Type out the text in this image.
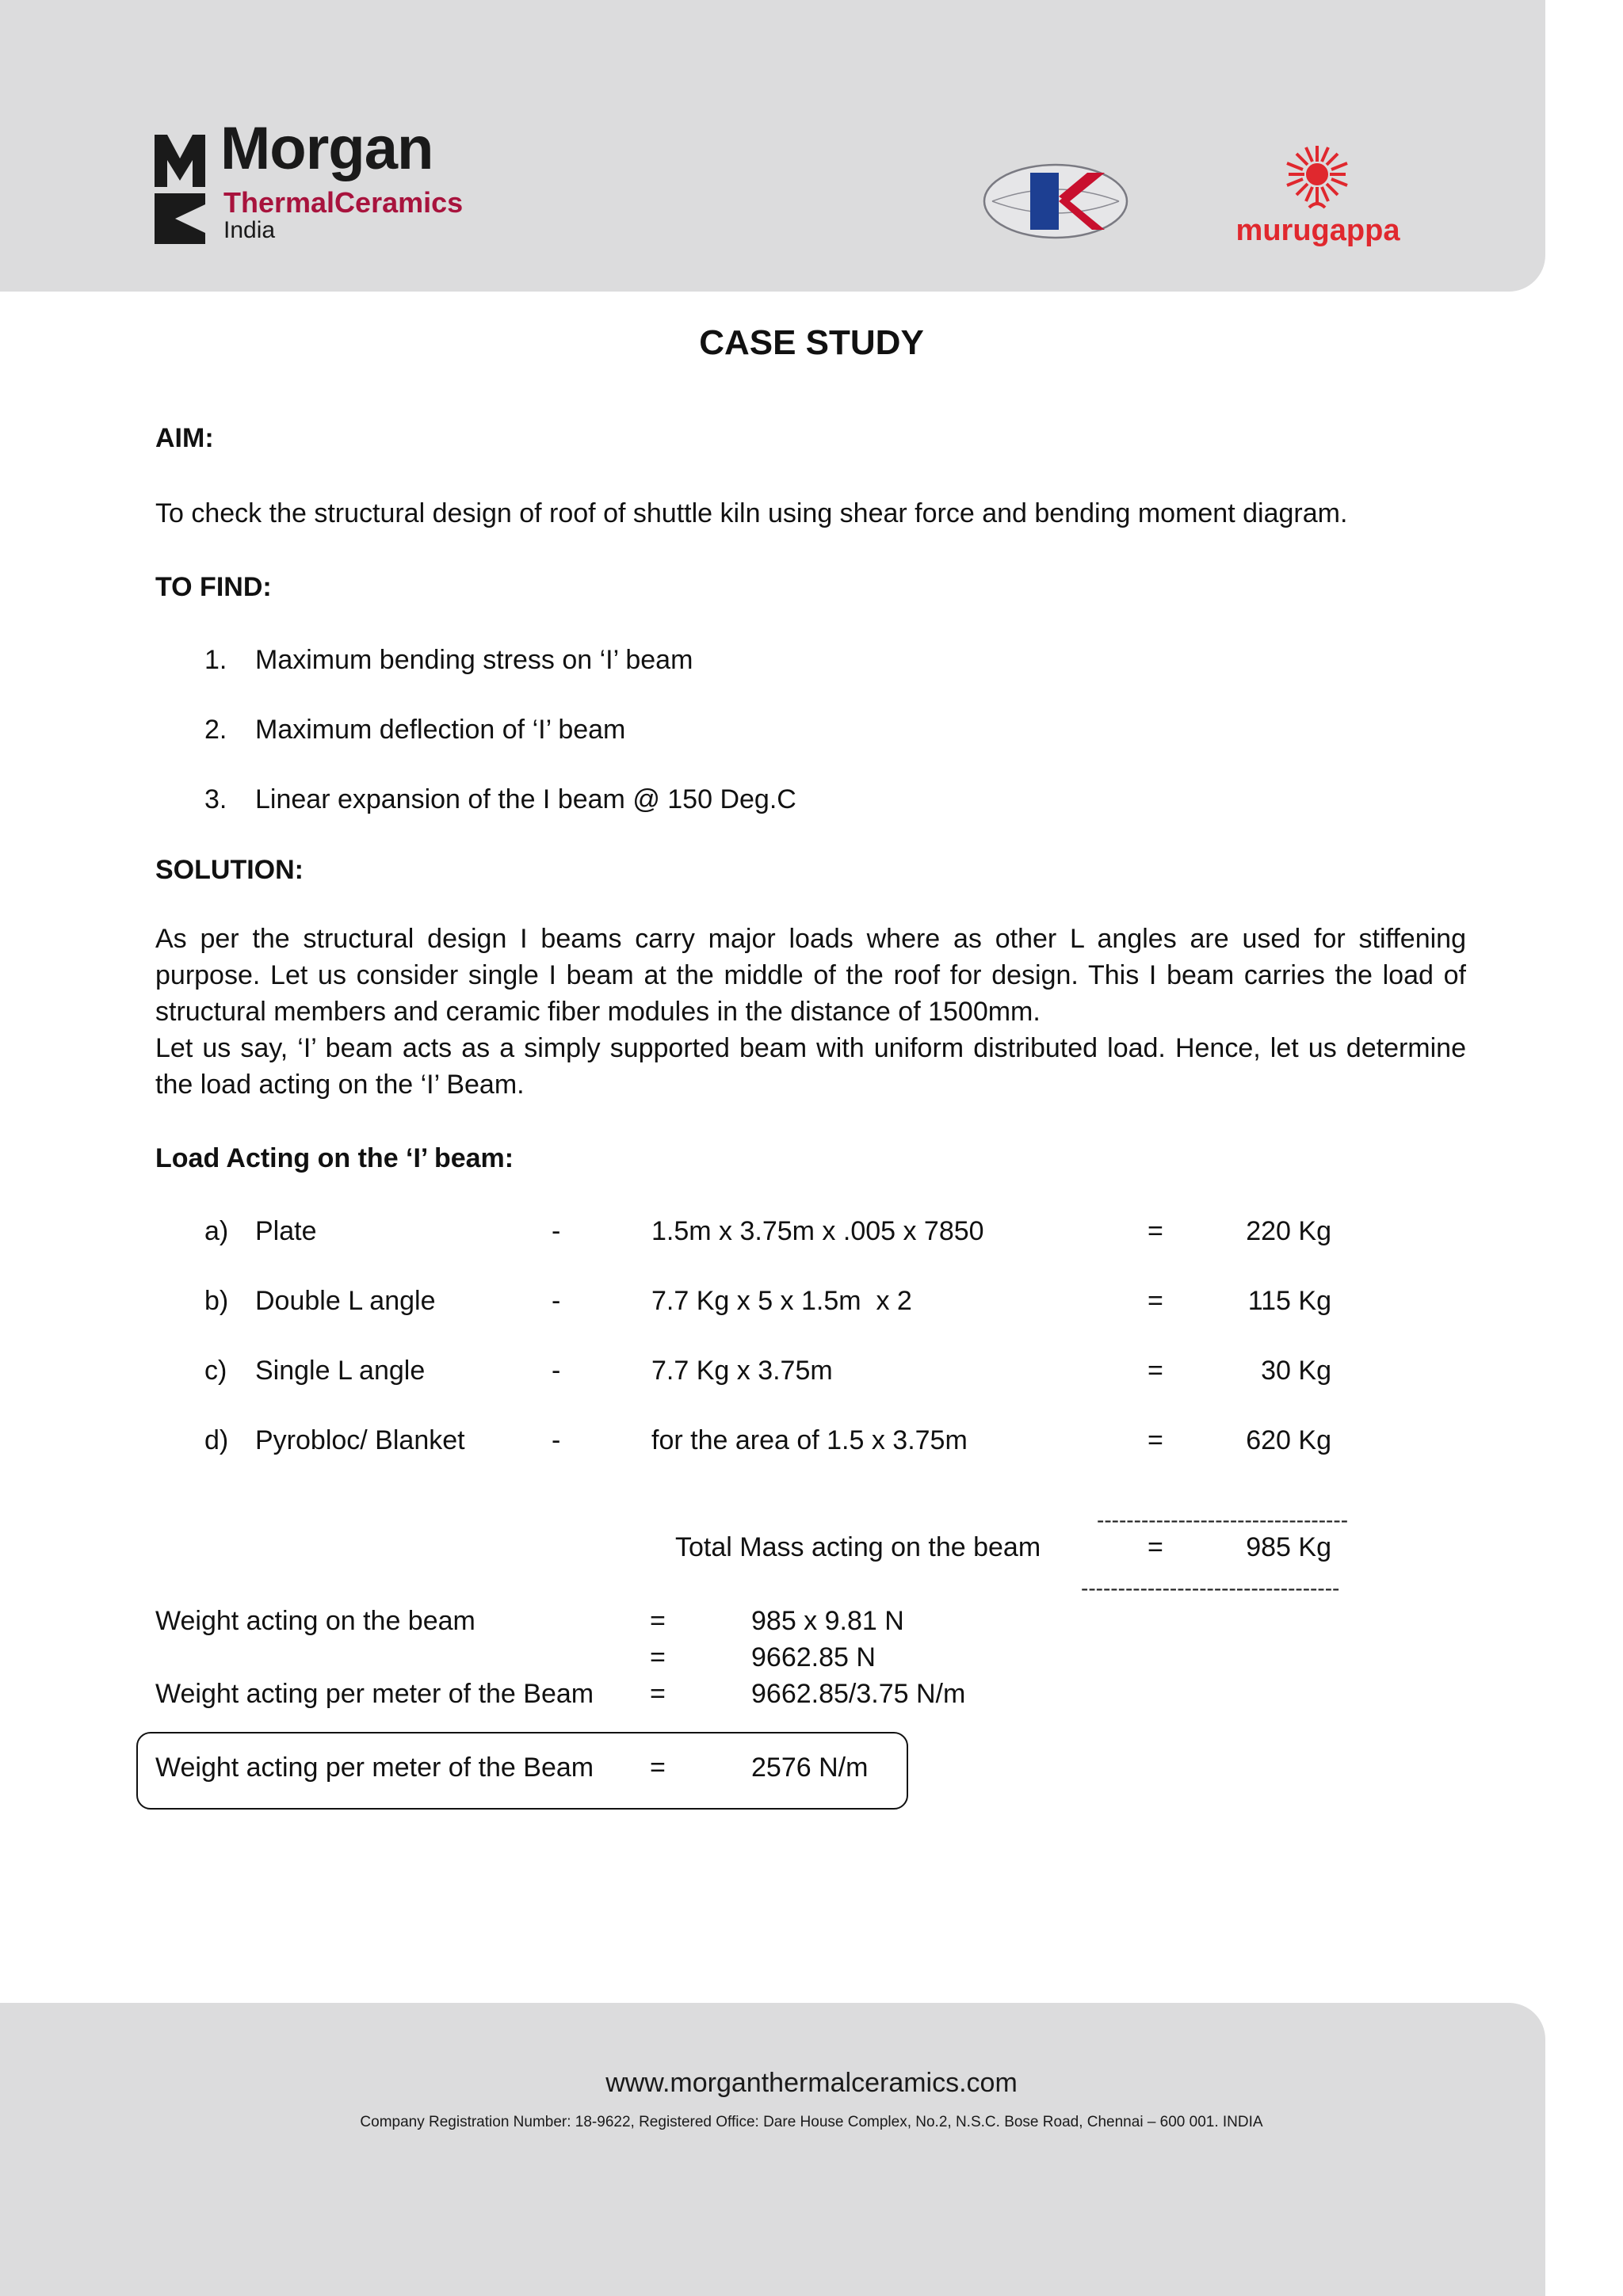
Morgan
ThermalCeramics
India	murugappa
CASE STUDY
AIM:
To check the structural design of roof of shuttle kiln using shear force and bending moment diagram.
TO FIND:
1. Maximum bending stress on ‘I’ beam
2. Maximum deflection of ‘I’ beam
3. Linear expansion of the I beam @ 150 Deg.C
SOLUTION:

As per the structural design I beams carry major loads where as other L angles are used for stiffening purpose. Let us consider single I beam at the middle of the roof for design. This I beam carries the load of structural members and ceramic fiber modules in the distance of 1500mm.

Let us say, ‘I’ beam acts as a simply supported beam with uniform distributed load. Hence, let us determine the load acting on the ‘I’ Beam.

Load Acting on the ‘I’ beam:
a) Plate	-	1.5m x 3.75m x .005 x 7850	=	220 Kg
b) Double L angle	-	7.7 Kg x 5 x 1.5m  x 2	=	115 Kg
c) Single L angle	-	7.7 Kg x 3.75m	=	30 Kg
d) Pyrobloc/ Blanket	-	for the area of 1.5 x 3.75m	=	620 Kg
----------------------------------
Total Mass acting on the beam	=	985 Kg
-----------------------------------
Weight acting on the beam	=	985 x 9.81 N
=	9662.85 N
Weight acting per meter of the Beam =	9662.85/3.75 N/m
Weight acting per meter of the Beam =	2576 N/m
www.morganthermalceramics.com
Company Registration Number: 18-9622, Registered Office: Dare House Complex, No.2, N.S.C. Bose Road, Chennai – 600 001. INDIA
